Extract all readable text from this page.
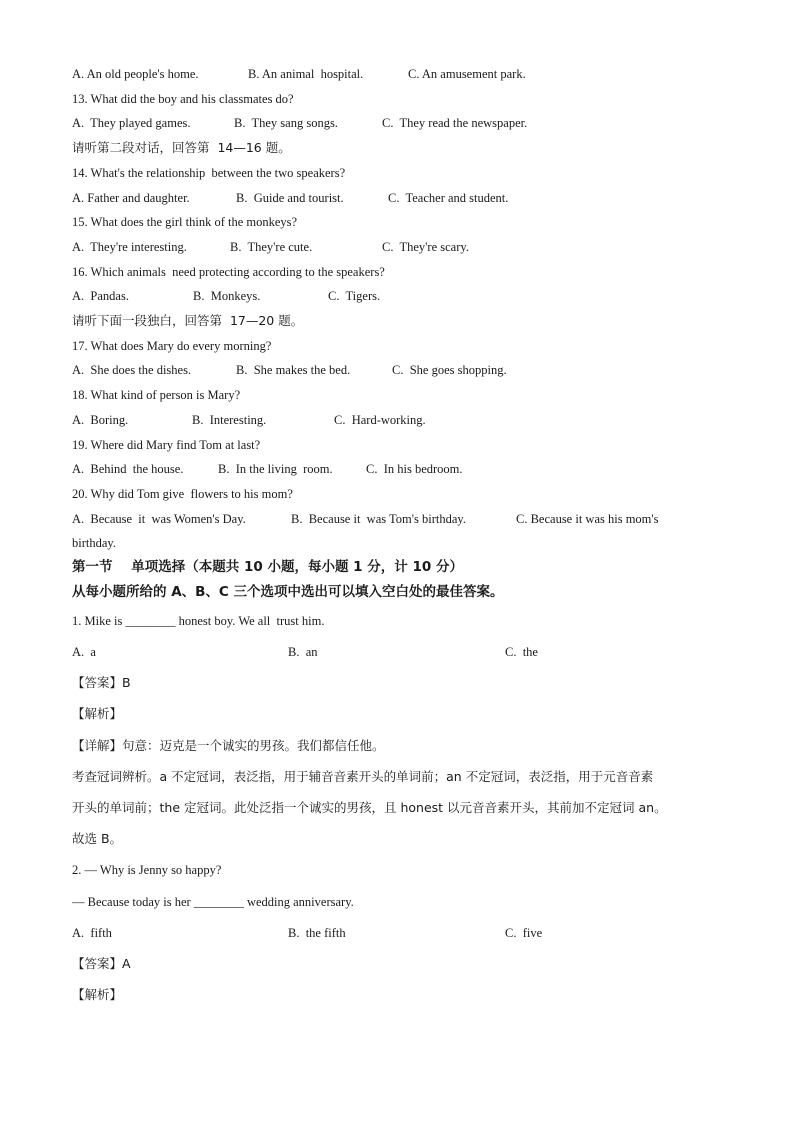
A. An old people's home.	B. An animal  hospital.	C. An amusement park.
13. What did the boy and his classmates do?
A.  They played games.	B.  They sang songs.	C.  They read the newspaper.
请听第二段对话，回答第  14—16 题。
14. What's the relationship  between the two speakers?
A. Father and daughter.	B.  Guide and tourist.	C.  Teacher and student.
15. What does the girl think of the monkeys?
A.  They're interesting.	B.  They're cute.	C.  They're scary.
16. Which animals  need protecting according to the speakers?
A.  Pandas.	B.  Monkeys.	C.  Tigers.
请听下面一段独白，回答第  17—20 题。
17. What does Mary do every morning?
A.  She does the dishes.	B.  She makes the bed.	C.  She goes shopping.
18. What kind of person is Mary?
A.  Boring.	B.  Interesting.	C.  Hard-working.
19. Where did Mary find Tom at last?
A.  Behind  the house.	B.  In the living  room.	C.  In his bedroom.
20. Why did Tom give  flowers to his mom?
A.  Because  it  was Women's Day.	B.  Because it  was Tom's birthday.	C. Because it was his mom's
birthday.
第一节    单项选择（本题共 10 小题，每小题 1 分，计 10 分）
从每小题所给的 A、B、C 三个选项中选出可以填入空白处的最佳答案。
1. Mike is ________ honest boy. We all  trust him.
A.  a	B.  an	C.  the
【答案】B
【解析】
【详解】句意：迈克是一个诚实的男孩。我们都信任他。
考查冠词辨析。a 不定冠词，表泛指，用于辅音音素开头的单词前；an 不定冠词，表泛指，用于元音音素
开头的单词前；the 定冠词。此处泛指一个诚实的男孩，且 honest 以元音音素开头，其前加不定冠词 an。
故选 B。
2. — Why is Jenny so happy?
— Because today is her ________ wedding anniversary.
A.  fifth	B.  the fifth	C.  five
【答案】A
【解析】
